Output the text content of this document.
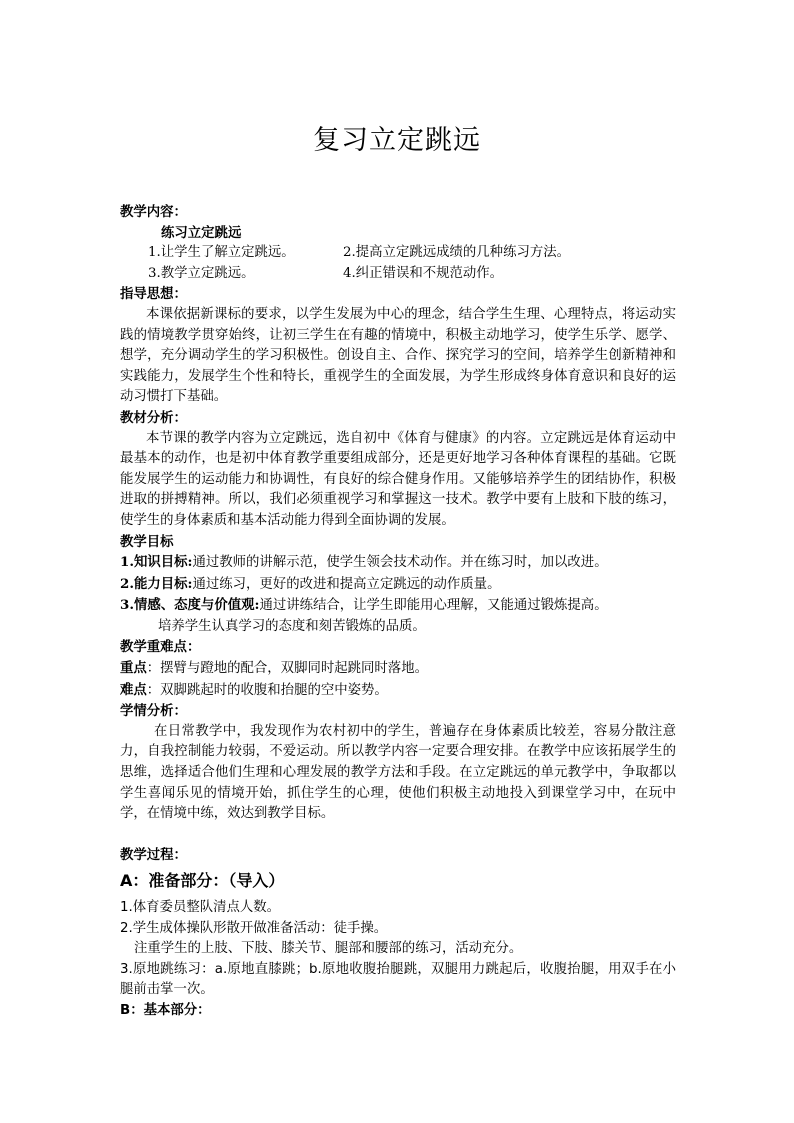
复习立定跳远
教学内容：
练习立定跳远
1.让学生了解立定跳远。	2.提高立定跳远成绩的几种练习方法。
3.教学立定跳远。	4.纠正错误和不规范动作。
指导思想：
本课依据新课标的要求，以学生发展为中心的理念，结合学生生理、心理特点，将运动实践的情境教学贯穿始终，让初三学生在有趣的情境中，积极主动地学习，使学生乐学、愿学、想学，充分调动学生的学习积极性。创设自主、合作、探究学习的空间，培养学生创新精神和实践能力，发展学生个性和特长，重视学生的全面发展，为学生形成终身体育意识和良好的运动习惯打下基础。
教材分析：
本节课的教学内容为立定跳远，选自初中《体育与健康》的内容。立定跳远是体育运动中最基本的动作，也是初中体育教学重要组成部分，还是更好地学习各种体育课程的基础。它既能发展学生的运动能力和协调性，有良好的综合健身作用。又能够培养学生的团结协作，积极进取的拼搏精神。所以，我们必须重视学习和掌握这一技术。教学中要有上肢和下肢的练习，使学生的身体素质和基本活动能力得到全面协调的发展。
教学目标
1.知识目标:通过教师的讲解示范，使学生领会技术动作。并在练习时，加以改进。
2.能力目标:通过练习，更好的改进和提高立定跳远的动作质量。
3.情感、态度与价值观:通过讲练结合，让学生即能用心理解，又能通过锻炼提高。
培养学生认真学习的态度和刻苦锻炼的品质。
教学重难点：
重点：摆臂与蹬地的配合，双脚同时起跳同时落地。
难点：双脚跳起时的收腹和抬腿的空中姿势。
学情分析：
在日常教学中，我发现作为农村初中的学生，普遍存在身体素质比较差，容易分散注意力，自我控制能力较弱，不爱运动。所以教学内容一定要合理安排。在教学中应该拓展学生的思维，选择适合他们生理和心理发展的教学方法和手段。在立定跳远的单元教学中，争取都以学生喜闻乐见的情境开始，抓住学生的心理，使他们积极主动地投入到课堂学习中，在玩中学，在情境中练，效达到教学目标。
教学过程：
A：准备部分：（导入）
1.体育委员整队清点人数。
2.学生成体操队形散开做准备活动：徒手操。
注重学生的上肢、下肢、膝关节、腿部和腰部的练习，活动充分。
3.原地跳练习：a.原地直膝跳；b.原地收腹抬腿跳，双腿用力跳起后，收腹抬腿，用双手在小腿前击掌一次。
B：基本部分：
